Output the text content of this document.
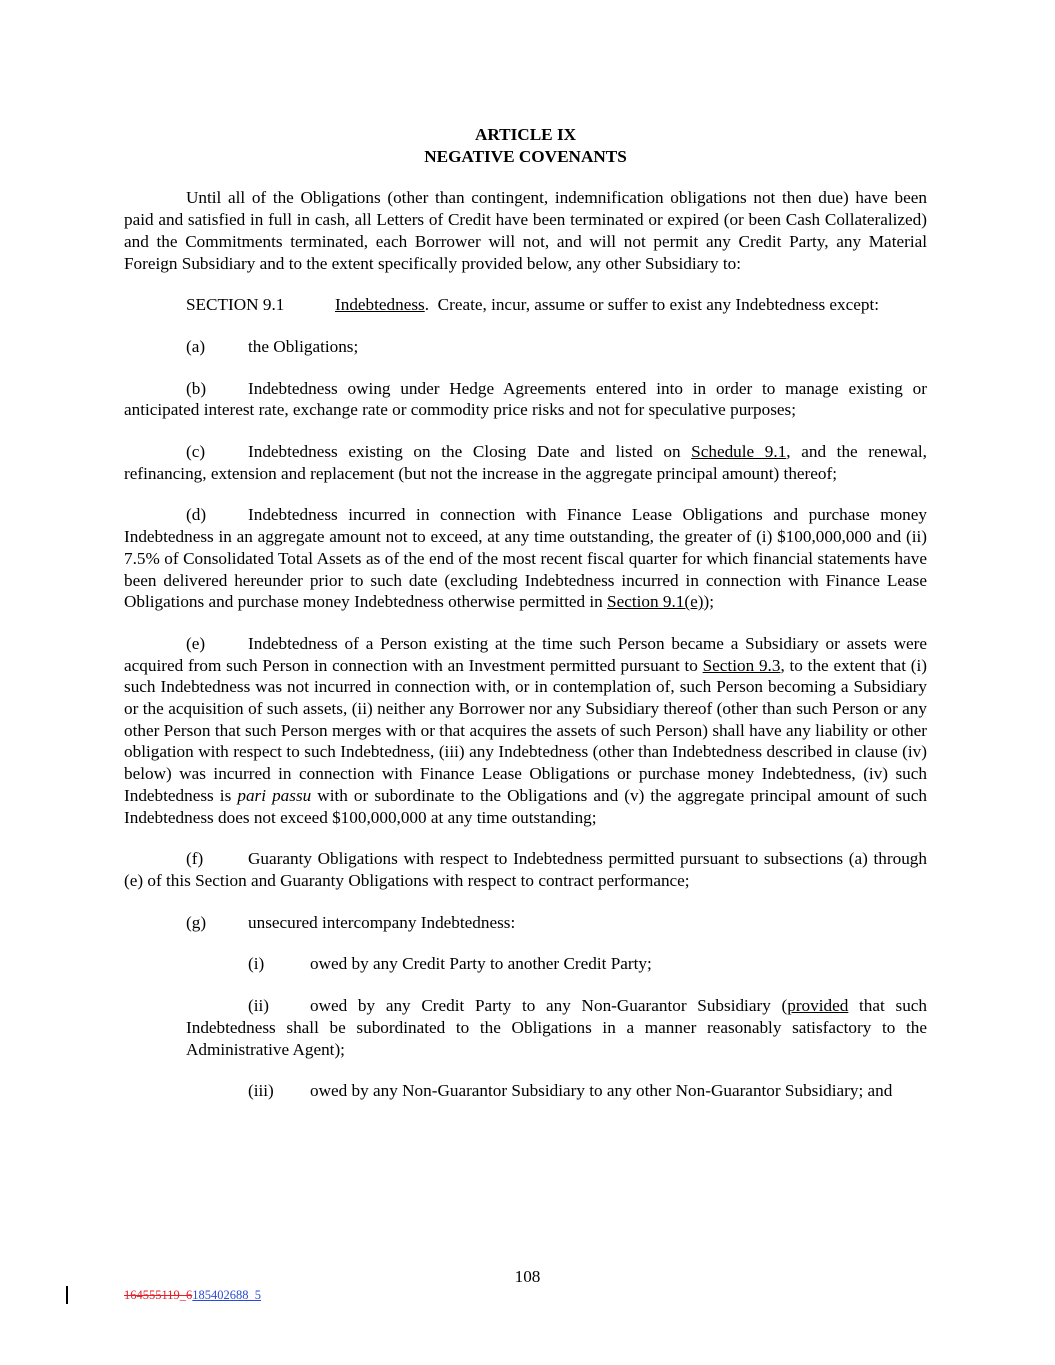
ARTICLE IX

NEGATIVE COVENANTS

Until all of the Obligations (other than contingent, indemnification obligations not then due) have been paid and satisfied in full in cash, all Letters of Credit have been terminated or expired (or been Cash Collateralized) and the Commitments terminated, each Borrower will not, and will not permit any Credit Party, any Material Foreign Subsidiary and to the extent specifically provided below, any other Subsidiary to:

SECTION 9.1	Indebtedness.  Create, incur, assume or suffer to exist any Indebtedness except:

(a) the Obligations;

(b) Indebtedness owing under Hedge Agreements entered into in order to manage existing or anticipated interest rate, exchange rate or commodity price risks and not for speculative purposes;

(c) Indebtedness existing on the Closing Date and listed on Schedule 9.1, and the renewal, refinancing, extension and replacement (but not the increase in the aggregate principal amount) thereof;

(d) Indebtedness incurred in connection with Finance Lease Obligations and purchase money Indebtedness in an aggregate amount not to exceed, at any time outstanding, the greater of (i) $100,000,000 and (ii) 7.5% of Consolidated Total Assets as of the end of the most recent fiscal quarter for which financial statements have been delivered hereunder prior to such date (excluding Indebtedness incurred in connection with Finance Lease Obligations and purchase money Indebtedness otherwise permitted in Section 9.1(e));

(e) Indebtedness of a Person existing at the time such Person became a Subsidiary or assets were acquired from such Person in connection with an Investment permitted pursuant to Section 9.3, to the extent that (i) such Indebtedness was not incurred in connection with, or in contemplation of, such Person becoming a Subsidiary or the acquisition of such assets, (ii) neither any Borrower nor any Subsidiary thereof (other than such Person or any other Person that such Person merges with or that acquires the assets of such Person) shall have any liability or other obligation with respect to such Indebtedness, (iii) any Indebtedness (other than Indebtedness described in clause (iv) below) was incurred in connection with Finance Lease Obligations or purchase money Indebtedness, (iv) such Indebtedness is pari passu with or subordinate to the Obligations and (v) the aggregate principal amount of such Indebtedness does not exceed $100,000,000 at any time outstanding;

(f)	Guaranty Obligations with respect to Indebtedness permitted pursuant to subsections (a) through (e) of this Section and Guaranty Obligations with respect to contract performance;

(g) unsecured intercompany Indebtedness:

(i)	owed by any Credit Party to another Credit Party;

(ii) owed by any Credit Party to any Non-Guarantor Subsidiary (provided that such Indebtedness shall be subordinated to the Obligations in a manner reasonably satisfactory to the Administrative Agent);

(iii) owed by any Non-Guarantor Subsidiary to any other Non-Guarantor Subsidiary; and

108
164555119_6185402688_5
